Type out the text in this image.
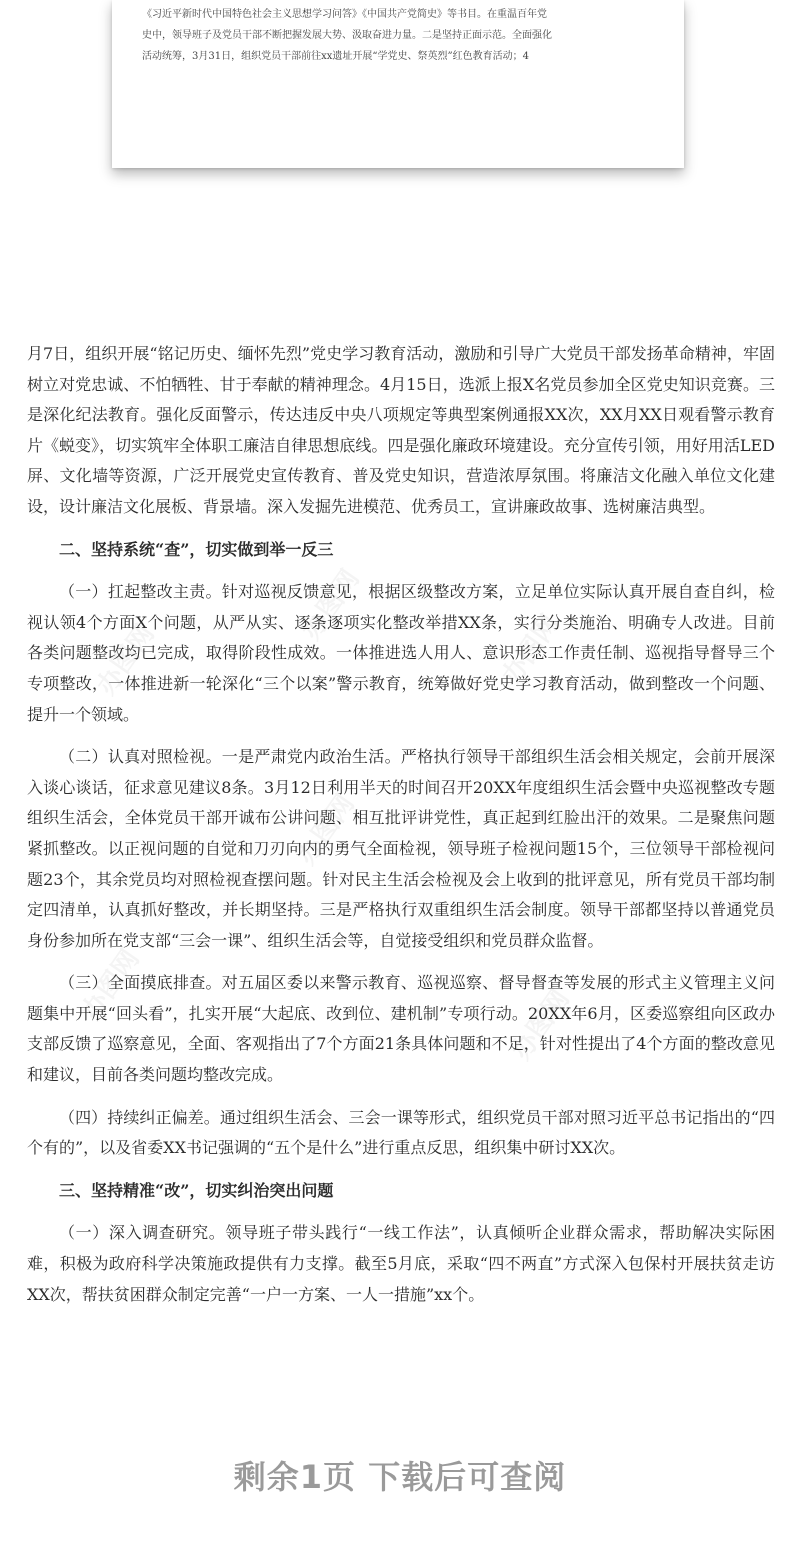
《习近平新时代中国特色社会主义思想学习问答》《中国共产党简史》等书目。在重温百年党

史中，领导班子及党员干部不断把握发展大势、汲取奋进力量。二是坚持正面示范。全面强化

活动统筹，3月31日，组织党员干部前往xx遗址开展“学党史、祭英烈”红色教育活动；4

办图网
办图网
办图网
办图网
办图网
办图网

月7日，组织开展“铭记历史、缅怀先烈”党史学习教育活动，激励和引导广大党员干部发扬革命精神，牢固树立对党忠诚、不怕牺牲、甘于奉献的精神理念。4月15日，选派上报X名党员参加全区党史知识竞赛。三是深化纪法教育。强化反面警示，传达违反中央八项规定等典型案例通报XX次，XX月XX日观看警示教育片《蜕变》，切实筑牢全体职工廉洁自律思想底线。四是强化廉政环境建设。充分宣传引领，用好用活LED屏、文化墙等资源，广泛开展党史宣传教育、普及党史知识，营造浓厚氛围。将廉洁文化融入单位文化建设，设计廉洁文化展板、背景墙。深入发掘先进模范、优秀员工，宣讲廉政故事、选树廉洁典型。

二、坚持系统“查”，切实做到举一反三

（一）扛起整改主责。针对巡视反馈意见，根据区级整改方案，立足单位实际认真开展自查自纠，检视认领4个方面X个问题，从严从实、逐条逐项实化整改举措XX条，实行分类施治、明确专人改进。目前各类问题整改均已完成，取得阶段性成效。一体推进选人用人、意识形态工作责任制、巡视指导督导三个专项整改，一体推进新一轮深化“三个以案”警示教育，统筹做好党史学习教育活动，做到整改一个问题、提升一个领域。

（二）认真对照检视。一是严肃党内政治生活。严格执行领导干部组织生活会相关规定，会前开展深入谈心谈话，征求意见建议8条。3月12日利用半天的时间召开20XX年度组织生活会暨中央巡视整改专题组织生活会，全体党员干部开诚布公讲问题、相互批评讲党性，真正起到红脸出汗的效果。二是聚焦问题紧抓整改。以正视问题的自觉和刀刃向内的勇气全面检视，领导班子检视问题15个，三位领导干部检视问题23个，其余党员均对照检视查摆问题。针对民主生活会检视及会上收到的批评意见，所有党员干部均制定四清单，认真抓好整改，并长期坚持。三是严格执行双重组织生活会制度。领导干部都坚持以普通党员身份参加所在党支部“三会一课”、组织生活会等，自觉接受组织和党员群众监督。

（三）全面摸底排查。对五届区委以来警示教育、巡视巡察、督导督查等发展的形式主义管理主义问题集中开展“回头看”，扎实开展“大起底、改到位、建机制”专项行动。20XX年6月，区委巡察组向区政办支部反馈了巡察意见，全面、客观指出了7个方面21条具体问题和不足，针对性提出了4个方面的整改意见和建议，目前各类问题均整改完成。

（四）持续纠正偏差。通过组织生活会、三会一课等形式，组织党员干部对照习近平总书记指出的“四个有的”，以及省委XX书记强调的“五个是什么”进行重点反思，组织集中研讨XX次。

三、坚持精准“改”，切实纠治突出问题

（一）深入调查研究。领导班子带头践行“一线工作法”，认真倾听企业群众需求，帮助解决实际困难，积极为政府科学决策施政提供有力支撑。截至5月底，采取“四不两直”方式深入包保村开展扶贫走访XX次，帮扶贫困群众制定完善“一户一方案、一人一措施”xx个。

剩余1页 下载后可查阅
